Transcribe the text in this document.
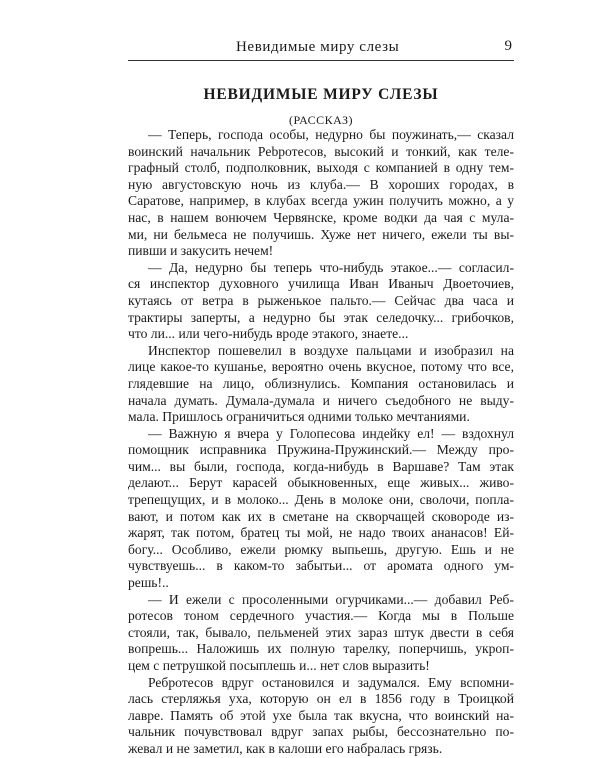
Невидимые миру слезы	9
НЕВИДИМЫЕ МИРУ СЛЕЗЫ
(РАССКАЗ)
— Теперь, господа особы, недурно бы поужинать,— сказал
воинский начальник Рebротесов, высокий и тонкий, как теле-
графный столб, подполковник, выходя с компанией в одну тем-
ную августовскую ночь из клуба.— В хороших городах, в
Саратове, например, в клубах всегда ужин получить можно, а у
нас, в нашем вонючем Червянске, кроме водки да чая с мула-
ми, ни бельмеса не получишь. Хуже нет ничего, ежели ты вы-
пивши и закусить нечем!
— Да, недурно бы теперь что-нибудь этакое...— согласил-
ся инспектор духовного училища Иван Иваныч Двоеточиев,
кутаясь от ветра в рыженькое пальто.— Сейчас два часа и
трактиры заперты, а недурно бы этак селедочку... грибочков,
что ли... или чего-нибудь вроде этакого, знаете...
Инспектор пошевелил в воздухе пальцами и изобразил на
лице какое-то кушанье, вероятно очень вкусное, потому что все,
глядевшие на лицо, облизнулись. Компания остановилась и
начала думать. Думала-думала и ничего съедобного не выду-
мала. Пришлось ограничиться одними только мечтаниями.
— Важную я вчера у Голопесова индейку ел! — вздохнул
помощник исправника Пружина-Пружинский.— Между про-
чим... вы были, господа, когда-нибудь в Варшаве? Там этак
делают... Берут карасей обыкновенных, еще живых... живо-
трепещущих, и в молоко... День в молоке они, сволочи, попла-
вают, и потом как их в сметане на скворчащей сковороде из-
жарят, так потом, братец ты мой, не надо твоих ананасов! Ей-
богу... Особливо, ежели рюмку выпьешь, другую. Ешь и не
чувствуешь... в каком-то забытьи... от аромата одного ум-
решь!..
— И ежели с просоленными огурчиками...— добавил Реб-
ротесов тоном сердечного участия.— Когда мы в Польше
стояли, так, бывало, пельменей этих зараз штук двести в себя
вопрешь... Наложишь их полную тарелку, поперчишь, укроп-
цем с петрушкой посыплешь и... нет слов выразить!
Ребротесов вдруг остановился и задумался. Ему вспомни-
лась стерляжья уха, которую он ел в 1856 году в Троицкой
лавре. Память об этой ухе была так вкусна, что воинский на-
чальник почувствовал вдруг запах рыбы, бессознательно по-
жевал и не заметил, как в калоши его набралась грязь.
